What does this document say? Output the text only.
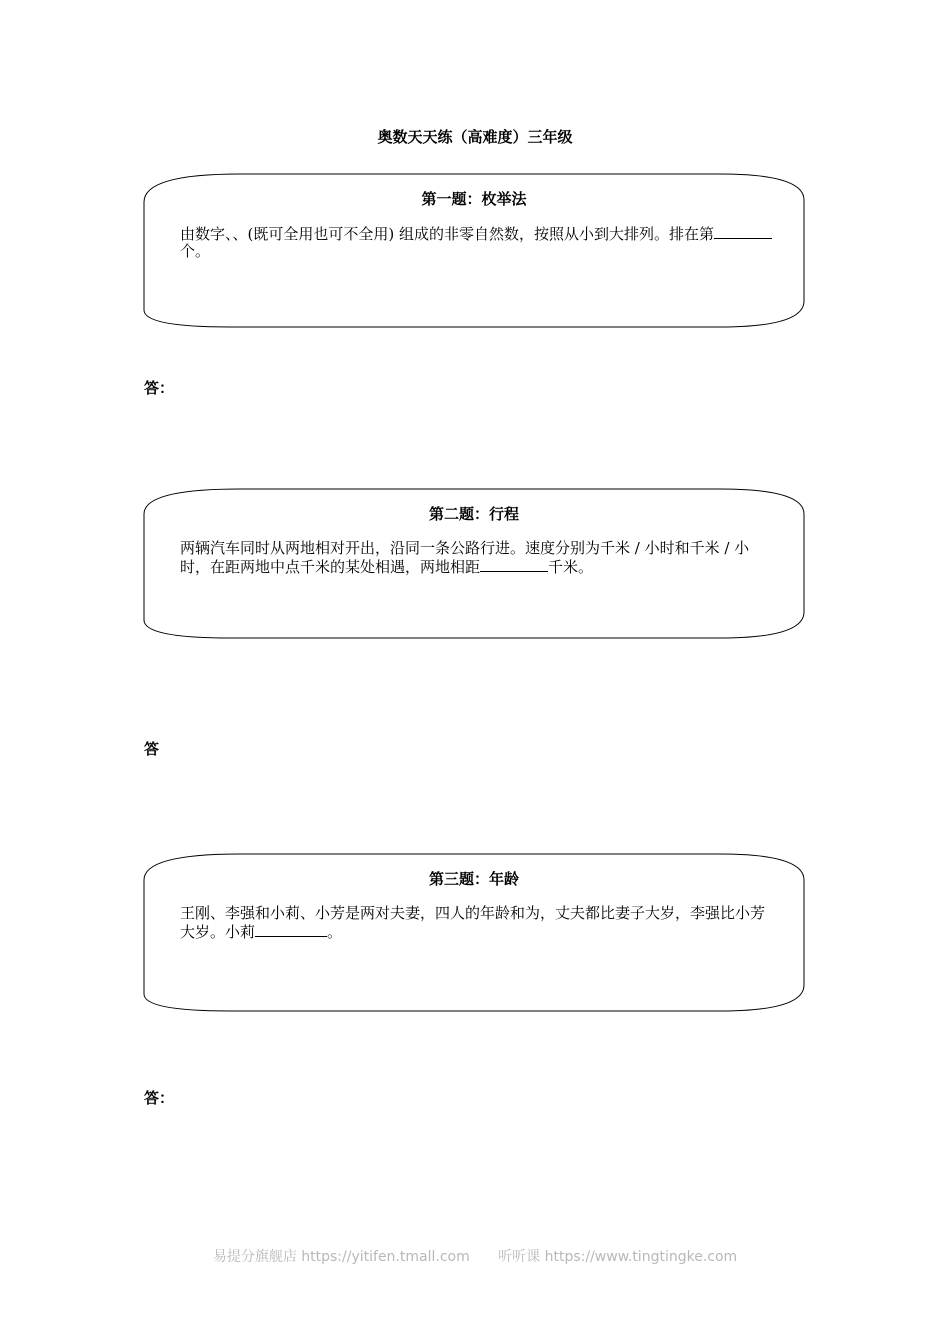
奥数天天练（高难度）三年级
第一题：枚举法
由数字、、(既可全用也可不全用) 组成的非零自然数，按照从小到大排列。排在第个。
答：
第二题：行程
两辆汽车同时从两地相对开出，沿同一条公路行进。速度分别为千米 / 小时和千米 / 小时，在距两地中点千米的某处相遇，两地相距	千米。
答
第三题：年龄
王刚、李强和小莉、小芳是两对夫妻，四人的年龄和为，丈夫都比妻子大岁，李强比小芳大岁。小莉	。
答：
易提分旗舰店 https://yitifen.tmall.com 听听课 https://www.tingtingke.com
